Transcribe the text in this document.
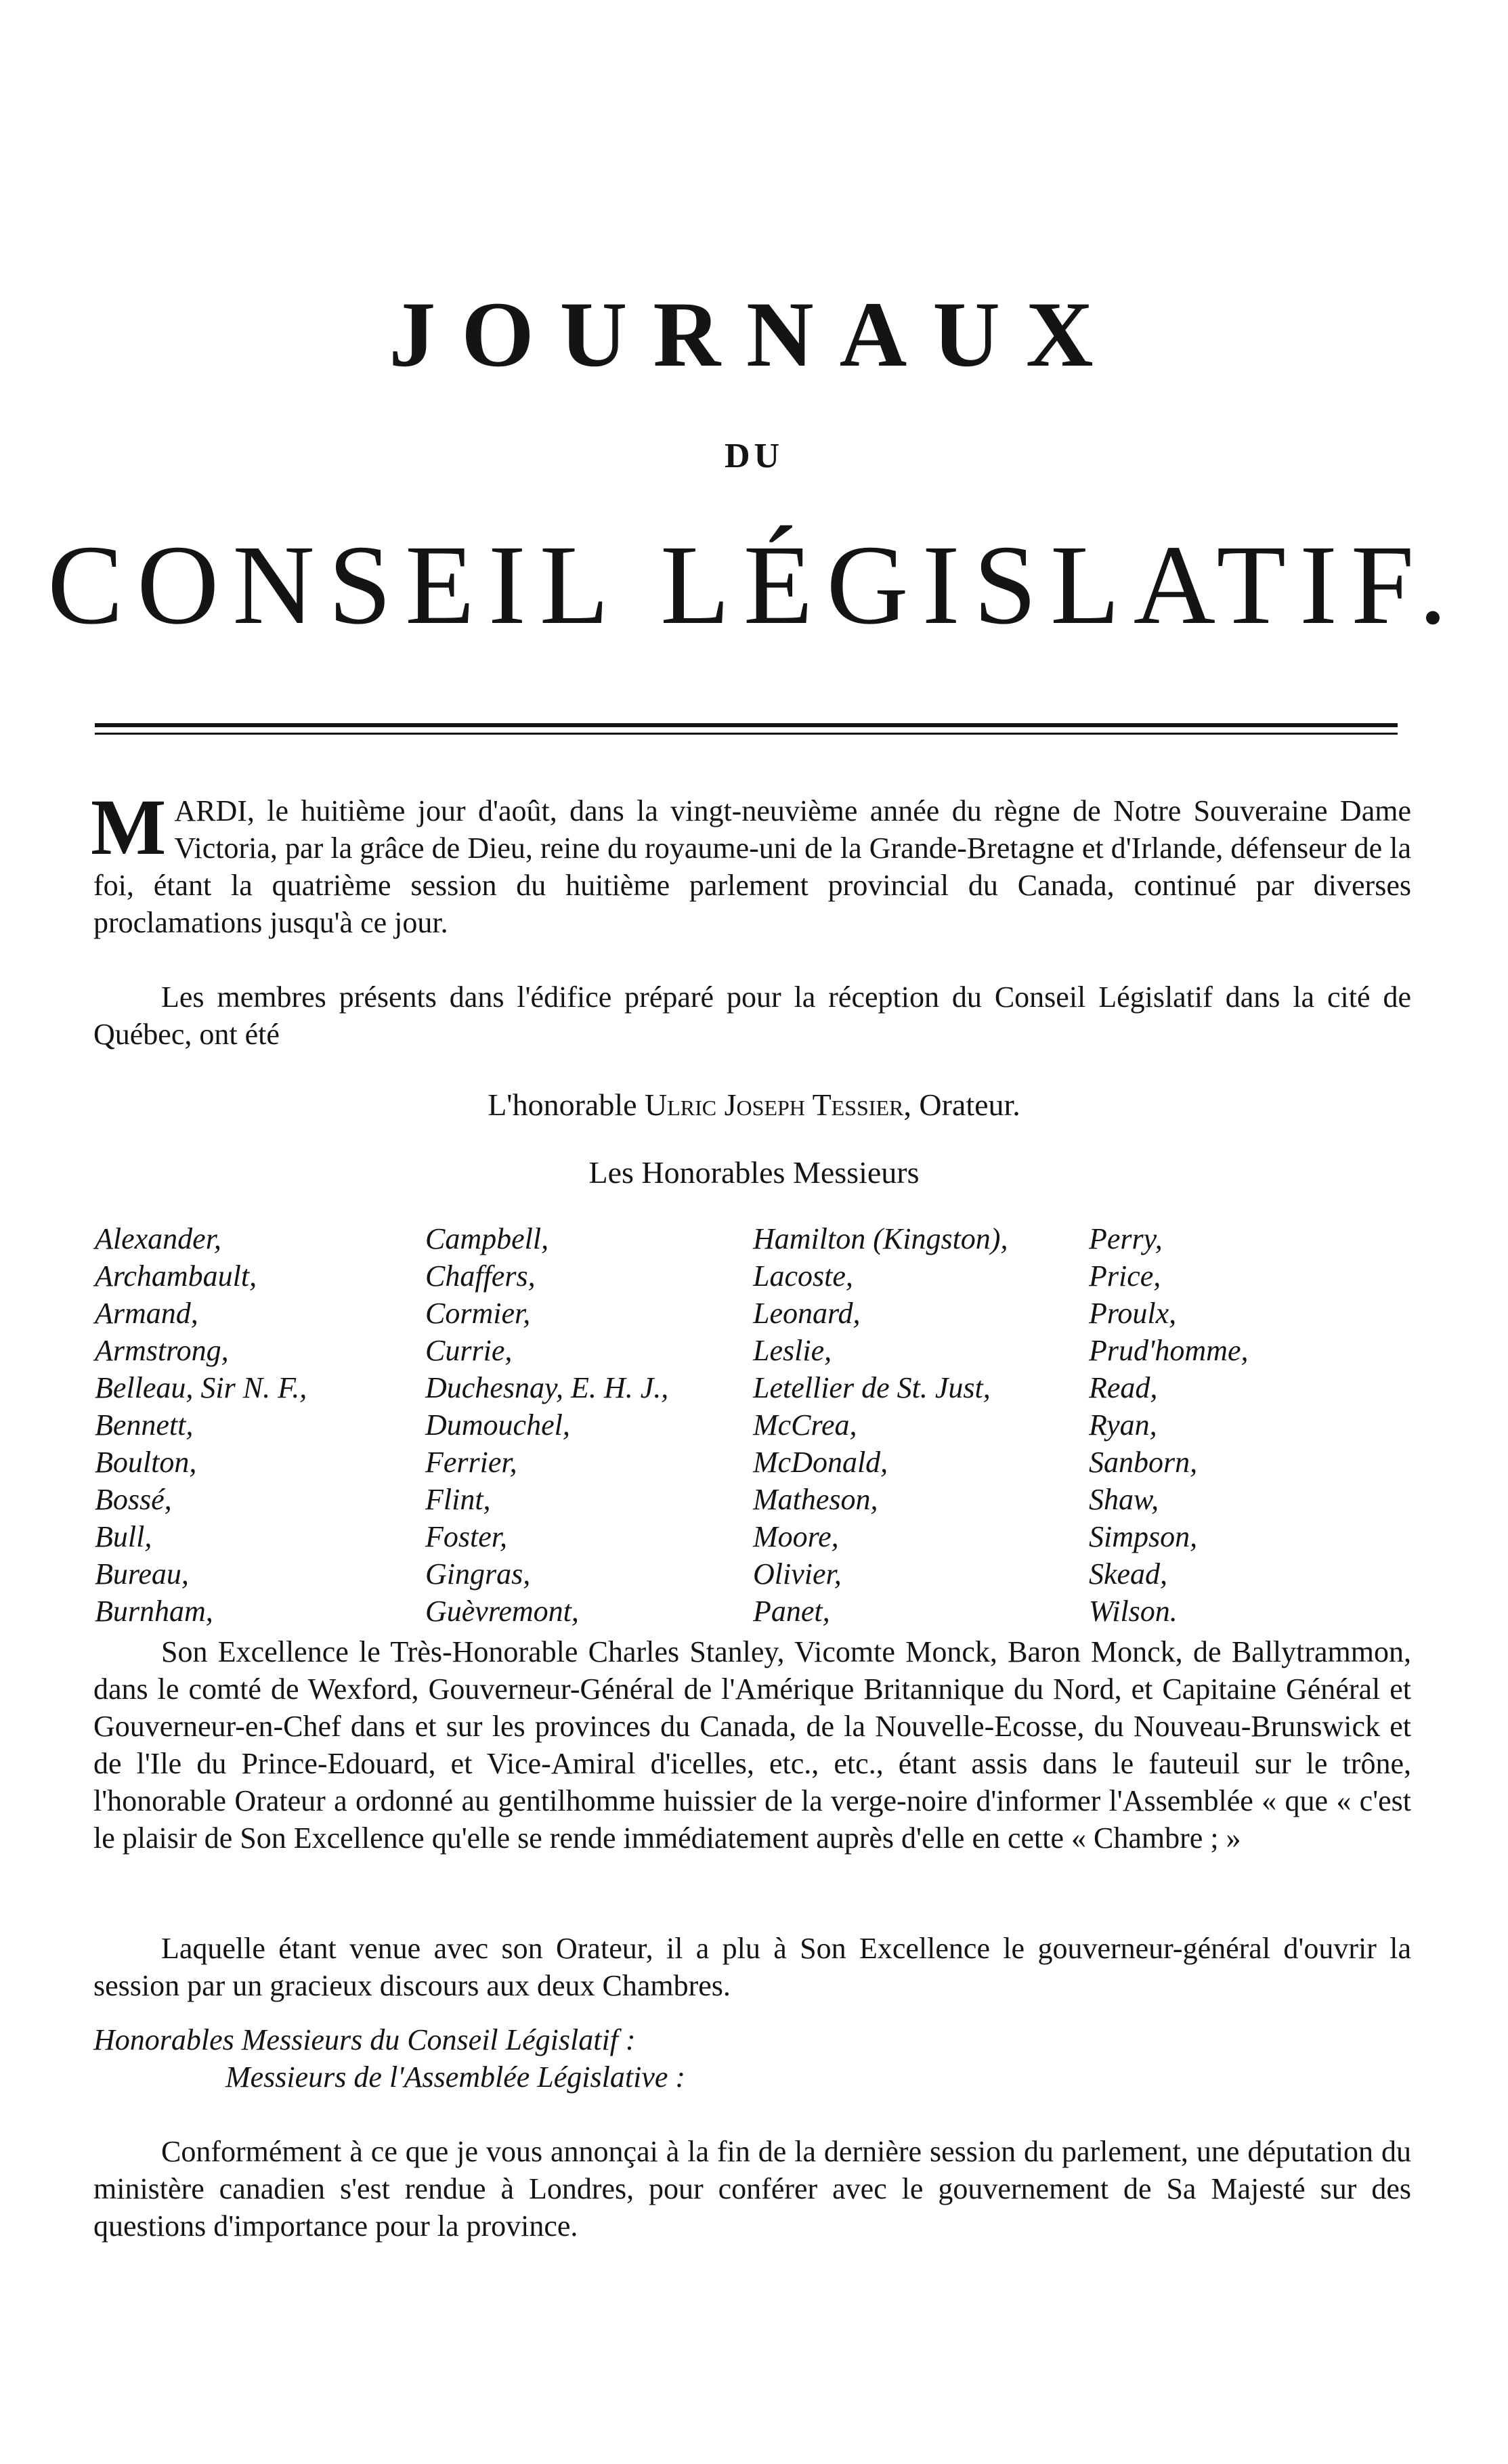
JOURNAUX
DU
CONSEIL LÉGISLATIF.
M ARDI, le huitième jour d'août, dans la vingt-neuvième année du règne de Notre Souveraine Dame Victoria, par la grâce de Dieu, reine du royaume-uni de la Grande-Bretagne et d'Irlande, défenseur de la foi, étant la quatrième session du huitième parlement provincial du Canada, continué par diverses proclamations jusqu'à ce jour.

Les membres présents dans l'édifice préparé pour la réception du Conseil Législatif dans la cité de Québec, ont été

L'honorable Ulric Joseph Tessier, Orateur.
Les Honorables Messieurs
Alexander,
Archambault,
Armand,
Armstrong,
Belleau, Sir N. F.,
Bennett,
Boulton,
Bossé,
Bull,
Bureau,
Burnham,
Campbell,
Chaffers,
Cormier,
Currie,
Duchesnay, E. H. J.,
Dumouchel,
Ferrier,
Flint,
Foster,
Gingras,
Guèvremont,
Hamilton (Kingston),
Lacoste,
Leonard,
Leslie,
Letellier de St. Just,
McCrea,
McDonald,
Matheson,
Moore,
Olivier,
Panet,
Perry,
Price,
Proulx,
Prud'homme,
Read,
Ryan,
Sanborn,
Shaw,
Simpson,
Skead,
Wilson.

Son Excellence le Très-Honorable Charles Stanley, Vicomte Monck, Baron Monck, de Ballytrammon, dans le comté de Wexford, Gouverneur-Général de l'Amérique Britannique du Nord, et Capitaine Général et Gouverneur-en-Chef dans et sur les provinces du Canada, de la Nouvelle-Ecosse, du Nouveau-Brunswick et de l'Ile du Prince-Edouard, et Vice-Amiral d'icelles, etc., etc., étant assis dans le fauteuil sur le trône, l'honorable Orateur a ordonné au gentilhomme huissier de la verge-noire d'informer l'Assemblée « que « c'est le plaisir de Son Excellence qu'elle se rende immédiatement auprès d'elle en cette « Chambre ; »

Laquelle étant venue avec son Orateur, il a plu à Son Excellence le gouverneur-général d'ouvrir la session par un gracieux discours aux deux Chambres.

Honorables Messieurs du Conseil Législatif :

Messieurs de l'Assemblée Législative :

Conformément à ce que je vous annonçai à la fin de la dernière session du parlement, une députation du ministère canadien s'est rendue à Londres, pour conférer avec le gouvernement de Sa Majesté sur des questions d'importance pour la province.
